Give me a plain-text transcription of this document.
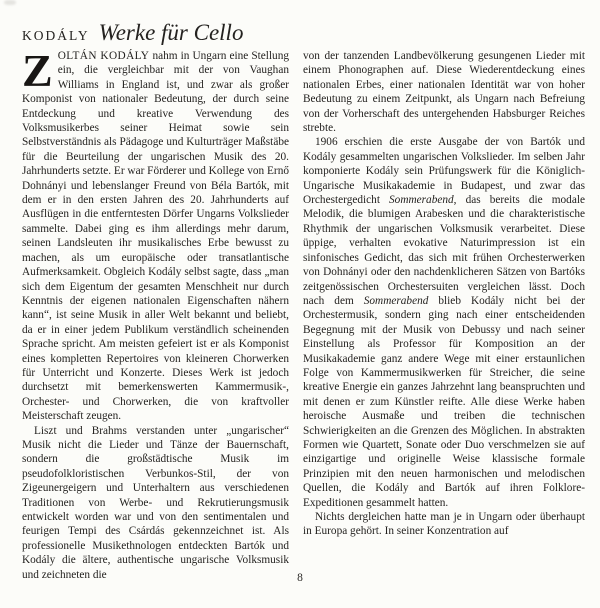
KODÁLY Werke für Cello

ZOLTÁN KODÁLY nahm in Ungarn eine Stellung ein, die vergleichbar mit der von Vaughan Williams in England ist, und zwar als großer Komponist von nationaler Bedeutung, der durch seine Entdeckung und kreative Verwendung des Volksmusikerbes seiner Heimat sowie sein Selbstverständnis als Pädagoge und Kulturträger Maßstäbe für die Beurteilung der ungarischen Musik des 20. Jahrhunderts setzte. Er war Förderer und Kollege von Ernő Dohnányi und lebenslanger Freund von Béla Bartók, mit dem er in den ersten Jahren des 20. Jahrhunderts auf Ausflügen in die entferntesten Dörfer Ungarns Volkslieder sammelte. Dabei ging es ihm allerdings mehr darum, seinen Landsleuten ihr musikalisches Erbe bewusst zu machen, als um europäische oder transatlantische Aufmerksamkeit. Obgleich Kodály selbst sagte, dass „man sich dem Eigentum der gesamten Menschheit nur durch Kenntnis der eigenen nationalen Eigenschaften nähern kann“, ist seine Musik in aller Welt bekannt und beliebt, da er in einer jedem Publikum verständlich scheinenden Sprache spricht. Am meisten gefeiert ist er als Komponist eines kompletten Repertoires von kleineren Chorwerken für Unterricht und Konzerte. Dieses Werk ist jedoch durchsetzt mit bemerkenswerten Kammermusik-, Orchester- und Chorwerken, die von kraftvoller Meisterschaft zeugen.

Liszt und Brahms verstanden unter „ungarischer“ Musik nicht die Lieder und Tänze der Bauernschaft, sondern die großstädtische Musik im pseudofolkloristischen Verbunkos-Stil, der von Zigeunergeigern und Unterhaltern aus verschiedenen Traditionen von Werbe- und Rekrutierungsmusik entwickelt worden war und von den sentimentalen und feurigen Tempi des Csárdás gekennzeichnet ist. Als professionelle Musikethnologen entdeckten Bartók und Kodály die ältere, authentische ungarische Volksmusik und zeichneten die

von der tanzenden Landbevölkerung gesungenen Lieder mit einem Phonographen auf. Diese Wiederentdeckung eines nationalen Erbes, einer nationalen Identität war von hoher Bedeutung zu einem Zeitpunkt, als Ungarn nach Befreiung von der Vorherschaft des untergehenden Habsburger Reiches strebte.

1906 erschien die erste Ausgabe der von Bartók und Kodály gesammelten ungarischen Volkslieder. Im selben Jahr komponierte Kodály sein Prüfungswerk für die Königlich-Ungarische Musikakademie in Budapest, und zwar das Orchestergedicht Sommerabend, das bereits die modale Melodik, die blumigen Arabesken und die charakteristische Rhythmik der ungarischen Volksmusik verarbeitet. Diese üppige, verhalten evokative Naturimpression ist ein sinfonisches Gedicht, das sich mit frühen Orchesterwerken von Dohnányi oder den nachdenklicheren Sätzen von Bartóks zeitgenössischen Orchestersuiten vergleichen lässt. Doch nach dem Sommerabend blieb Kodály nicht bei der Orchestermusik, sondern ging nach einer entscheidenden Begegnung mit der Musik von Debussy und nach seiner Einstellung als Professor für Komposition an der Musikakademie ganz andere Wege mit einer erstaunlichen Folge von Kammermusikwerken für Streicher, die seine kreative Energie ein ganzes Jahrzehnt lang beanspruchten und mit denen er zum Künstler reifte. Alle diese Werke haben heroische Ausmaße und treiben die technischen Schwierigkeiten an die Grenzen des Möglichen. In abstrakten Formen wie Quartett, Sonate oder Duo verschmelzen sie auf einzigartige und originelle Weise klassische formale Prinzipien mit den neuen harmonischen und melodischen Quellen, die Kodály and Bartók auf ihren Folklore-Expeditionen gesammelt hatten.

Nichts dergleichen hatte man je in Ungarn oder überhaupt in Europa gehört. In seiner Konzentration auf

8
